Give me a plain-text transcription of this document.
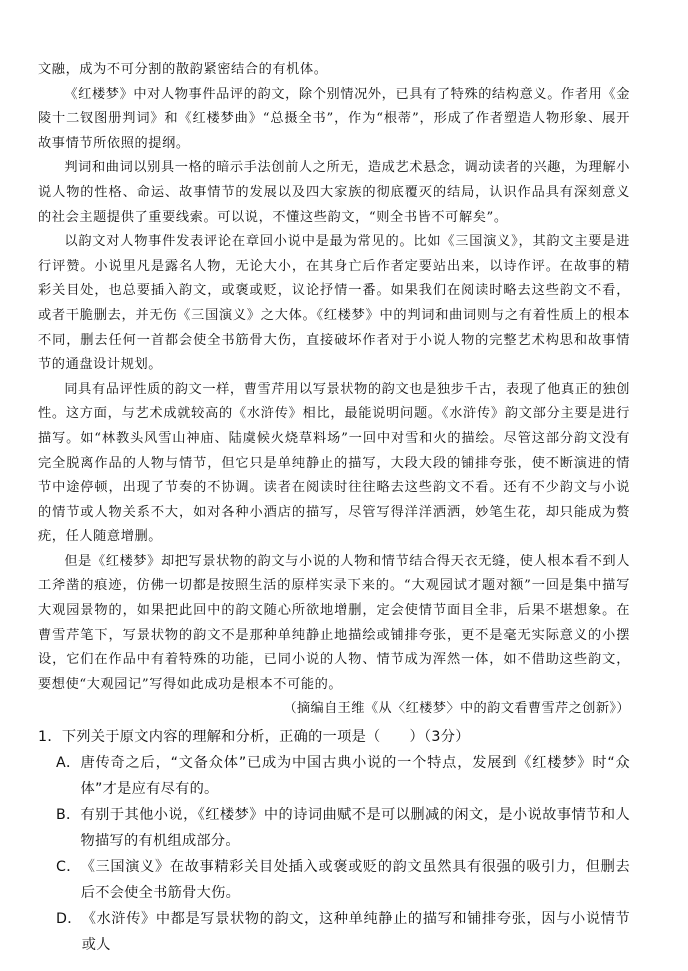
文融，成为不可分割的散韵紧密结合的有机体。

《红楼梦》中对人物事件品评的韵文，除个别情况外，已具有了特殊的结构意义。作者用《金陵十二钗图册判词》和《红楼梦曲》“总摄全书”，作为“根蒂”，形成了作者塑造人物形象、展开故事情节所依照的提纲。

判词和曲词以别具一格的暗示手法创前人之所无，造成艺术悬念，调动读者的兴趣，为理解小说人物的性格、命运、故事情节的发展以及四大家族的彻底覆灭的结局，认识作品具有深刻意义的社会主题提供了重要线索。可以说，不懂这些韵文，“则全书皆不可解矣”。

以韵文对人物事件发表评论在章回小说中是最为常见的。比如《三国演义》，其韵文主要是进行评赞。小说里凡是露名人物，无论大小，在其身亡后作者定要站出来，以诗作评。在故事的精彩关目处，也总要插入韵文，或褒或贬，议论抒情一番。如果我们在阅读时略去这些韵文不看，或者干脆删去，并无伤《三国演义》之大体。《红楼梦》中的判词和曲词则与之有着性质上的根本不同，删去任何一首都会使全书筋骨大伤，直接破坏作者对于小说人物的完整艺术构思和故事情节的通盘设计规划。

同具有品评性质的韵文一样，曹雪芹用以写景状物的韵文也是独步千古，表现了他真正的独创性。这方面，与艺术成就较高的《水浒传》相比，最能说明问题。《水浒传》韵文部分主要是进行描写。如“林教头风雪山神庙、陆虞候火烧草料场”一回中对雪和火的描绘。尽管这部分韵文没有完全脱离作品的人物与情节，但它只是单纯静止的描写，大段大段的铺排夸张，使不断演进的情节中途停顿，出现了节奏的不协调。读者在阅读时往往略去这些韵文不看。还有不少韵文与小说的情节或人物关系不大，如对各种小酒店的描写，尽管写得洋洋洒洒，妙笔生花，却只能成为赘疣，任人随意增删。

但是《红楼梦》却把写景状物的韵文与小说的人物和情节结合得天衣无缝，使人根本看不到人工斧凿的痕迹，仿佛一切都是按照生活的原样实录下来的。“大观园试才题对额”一回是集中描写大观园景物的，如果把此回中的韵文随心所欲地增删，定会使情节面目全非，后果不堪想象。在曹雪芹笔下，写景状物的韵文不是那种单纯静止地描绘或铺排夸张，更不是毫无实际意义的小摆设，它们在作品中有着特殊的功能，已同小说的人物、情节成为浑然一体，如不借助这些韵文，要想使“大观园记”写得如此成功是根本不可能的。

（摘编自王维《从〈红楼梦〉中的韵文看曹雪芹之创新》）

1．下列关于原文内容的理解和分析，正确的一项是（　　）（3分）

A． 唐传奇之后，“文备众体”已成为中国古典小说的一个特点，发展到《红楼梦》时“众体”才是应有尽有的。
B． 有别于其他小说，《红楼梦》中的诗词曲赋不是可以删减的闲文，是小说故事情节和人物描写的有机组成部分。
C． 《三国演义》在故事精彩关目处插入或褒或贬的韵文虽然具有很强的吸引力，但删去后不会使全书筋骨大伤。
D． 《水浒传》中都是写景状物的韵文，这种单纯静止的描写和铺排夸张，因与小说情节或人
